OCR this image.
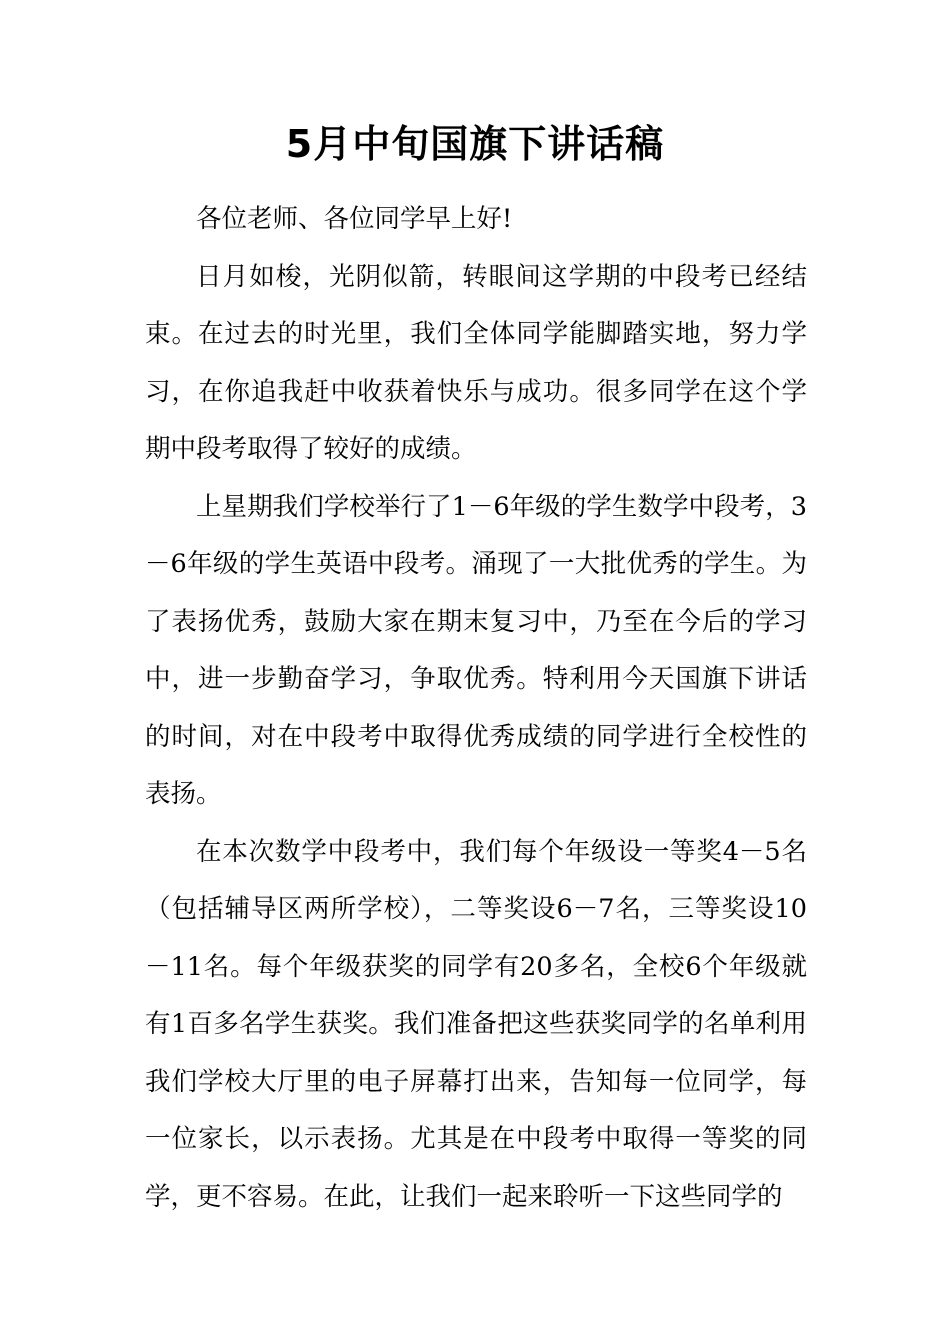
5月中旬国旗下讲话稿

各位老师、各位同学早上好!

日月如梭，光阴似箭，转眼间这学期的中段考已经结束。在过去的时光里，我们全体同学能脚踏实地，努力学习，在你追我赶中收获着快乐与成功。很多同学在这个学期中段考取得了较好的成绩。

上星期我们学校举行了1－6年级的学生数学中段考，3－6年级的学生英语中段考。涌现了一大批优秀的学生。为了表扬优秀，鼓励大家在期末复习中，乃至在今后的学习中，进一步勤奋学习，争取优秀。特利用今天国旗下讲话的时间，对在中段考中取得优秀成绩的同学进行全校性的表扬。

在本次数学中段考中，我们每个年级设一等奖4－5名（包括辅导区两所学校），二等奖设6－7名，三等奖设10－11名。每个年级获奖的同学有20多名，全校6个年级就有1百多名学生获奖。我们准备把这些获奖同学的名单利用我们学校大厅里的电子屏幕打出来，告知每一位同学，每一位家长，以示表扬。尤其是在中段考中取得一等奖的同学，更不容易。在此，让我们一起来聆听一下这些同学的
